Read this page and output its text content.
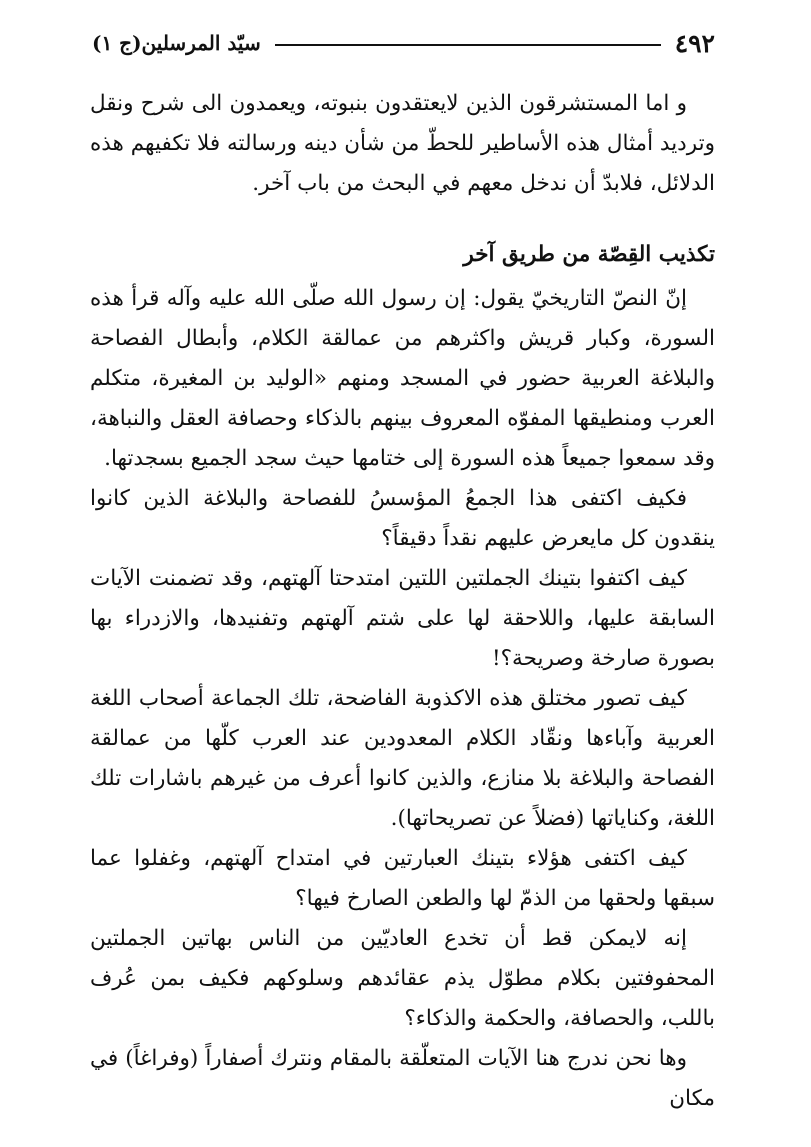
٤٩٢
سيّد المرسلين(ج ١)

و اما المستشرقون الذين لايعتقدون بنبوته، ويعمدون الى شرح ونقل وترديد أمثال هذه الأساطير للحطّ من شأن دينه ورسالته فلا تكفيهم هذه الدلائل، فلابدّ أن ندخل معهم في البحث من باب آخر.

تكذيب القِصّة من طريق آخر

إنّ النصّ التاريخيّ يقول: إن رسول الله صلّى الله عليه وآله قرأ هذه السورة، وكبار قريش واكثرهم من عمالقة الكلام، وأبطال الفصاحة والبلاغة العربية حضور في المسجد ومنهم «الوليد بن المغيرة، متكلم العرب ومنطيقها المفوّه المعروف بينهم بالذكاء وحصافة العقل والنباهة، وقد سمعوا جميعاً هذه السورة إلى ختامها حيث سجد الجميع بسجدتها.

فكيف اكتفى هذا الجمعُ المؤسسُ للفصاحة والبلاغة الذين كانوا ينقدون كل مايعرض عليهم نقداً دقيقاً؟

كيف اكتفوا بتينك الجملتين اللتين امتدحتا آلهتهم، وقد تضمنت الآيات السابقة عليها، واللاحقة لها على شتم آلهتهم وتفنيدها، والازدراء بها بصورة صارخة وصريحة؟!

كيف تصور مختلق هذه الاكذوبة الفاضحة، تلك الجماعة أصحاب اللغة العربية وآباءها ونقّاد الكلام المعدودين عند العرب كلّها من عمالقة الفصاحة والبلاغة بلا منازع، والذين كانوا أعرف من غيرهم باشارات تلك اللغة، وكناياتها (فضلاً عن تصريحاتها).

كيف اكتفى هؤلاء بتينك العبارتين في امتداح آلهتهم، وغفلوا عما سبقها ولحقها من الذمّ لها والطعن الصارخ فيها؟

إنه لايمكن قط أن تخدع العاديّين من الناس بهاتين الجملتين المحفوفتين بكلام مطوّل يذم عقائدهم وسلوكهم فكيف بمن عُرف باللب، والحصافة، والحكمة والذكاء؟

وها نحن ندرج هنا الآيات المتعلّقة بالمقام ونترك أصفاراً (وفراغاً) في مكان
